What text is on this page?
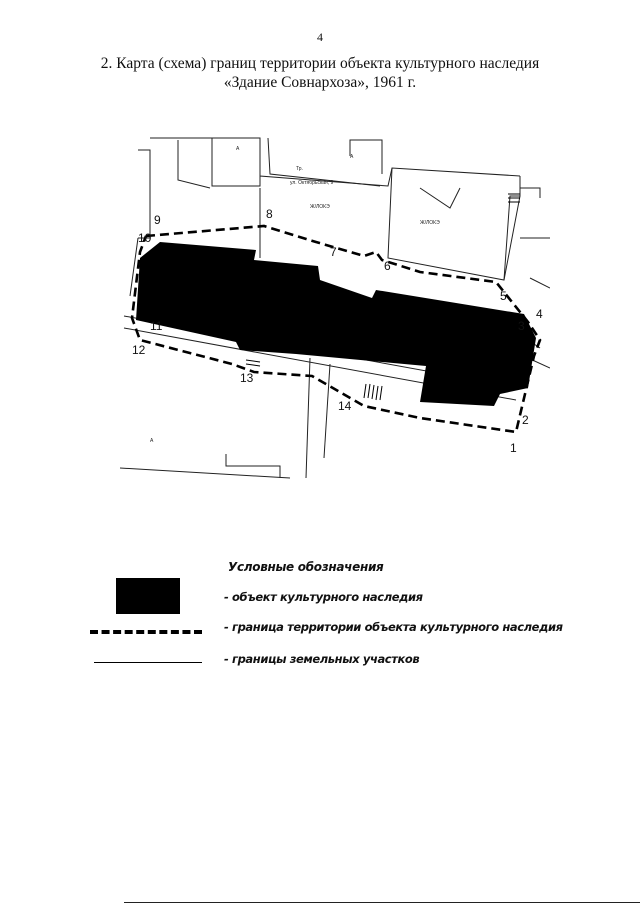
4
2. Карта (схема) границ территории объекта культурного наследия
«Здание Совнархоза», 1961 г.
1
2
3
4
5
6
7
8
9
10
11
12
13
14
А
А
А
Ж/ЛОКЭ
Ж/ЛОКЭ
ул. Октябрьская, 9
Тр.
Условные обозначения
- объект культурного наследия
- граница территории объекта культурного наследия
- границы земельных участков
